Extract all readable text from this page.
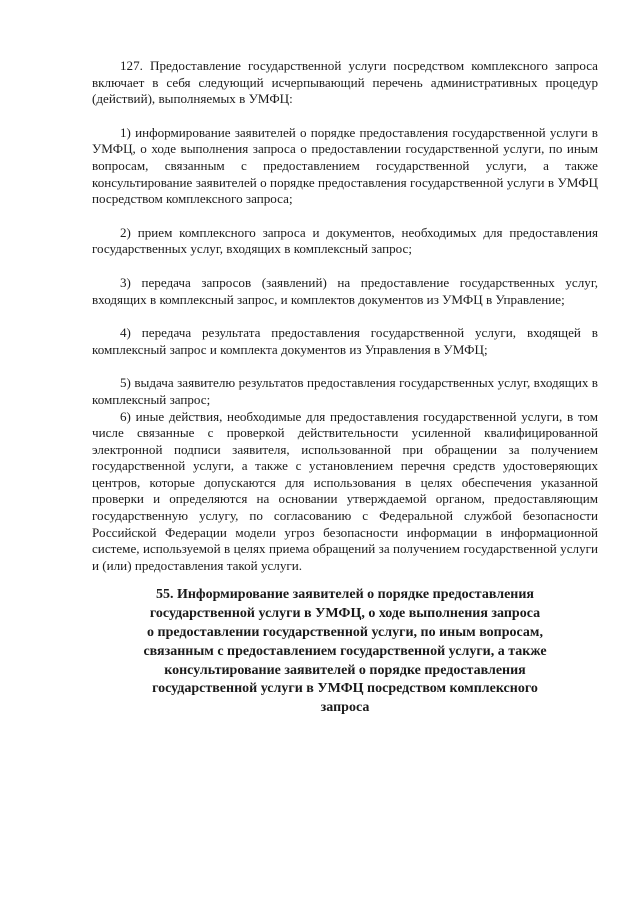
127. Предоставление государственной услуги посредством комплексного запроса включает в себя следующий исчерпывающий перечень административных процедур (действий), выполняемых в УМФЦ:

1) информирование заявителей о порядке предоставления государственной услуги в УМФЦ, о ходе выполнения запроса о предоставлении государственной услуги, по иным вопросам, связанным с предоставлением государственной услуги, а также консультирование заявителей о порядке предоставления государственной услуги в УМФЦ посредством комплексного запроса;

2) прием комплексного запроса и документов, необходимых для предоставления государственных услуг, входящих в комплексный запрос;

3) передача запросов (заявлений) на предоставление государственных услуг, входящих в комплексный запрос, и комплектов документов из УМФЦ в Управление;

4) передача результата предоставления государственной услуги, входящей в комплексный запрос и комплекта документов из Управления в УМФЦ;

5) выдача заявителю результатов предоставления государственных услуг, входящих в комплексный запрос;

6) иные действия, необходимые для предоставления государственной услуги, в том числе связанные с проверкой действительности усиленной квалифицированной электронной подписи заявителя, использованной при обращении за получением государственной услуги, а также с установлением перечня средств удостоверяющих центров, которые допускаются для использования в целях обеспечения указанной проверки и определяются на основании утверждаемой органом, предоставляющим государственную услугу, по согласованию с Федеральной службой безопасности Российской Федерации модели угроз безопасности информации в информационной системе, используемой в целях приема обращений за получением государственной услуги и (или) предоставления такой услуги.

55. Информирование заявителей о порядке предоставления
государственной услуги в УМФЦ, о ходе выполнения запроса
о предоставлении государственной услуги, по иным вопросам,
связанным с предоставлением государственной услуги, а также
консультирование заявителей о порядке предоставления
государственной услуги в УМФЦ посредством комплексного
запроса
